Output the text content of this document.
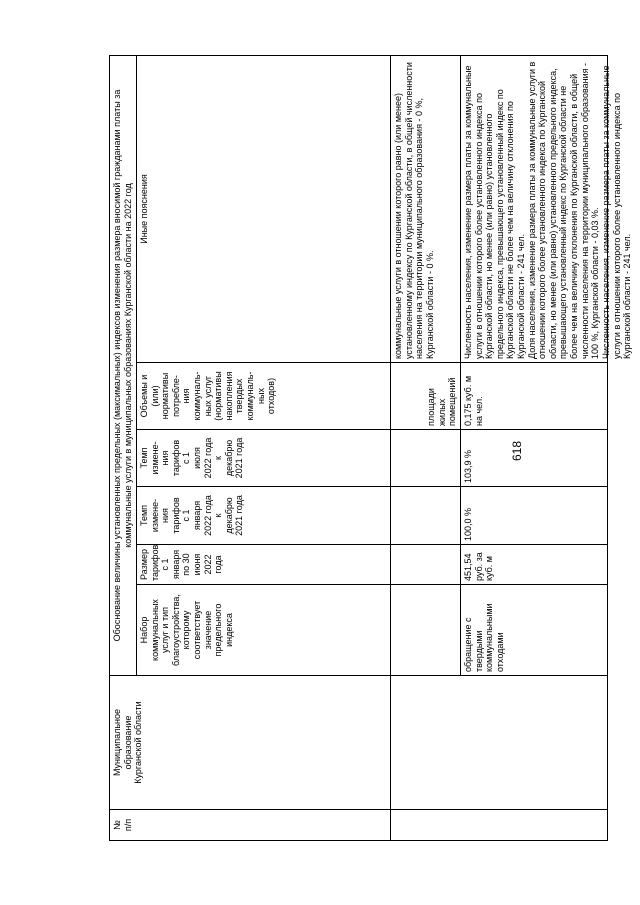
618
№
п/п
Муниципальное
образование
Курганской области
Обоснование величины установленных предельных (максимальных) индексов изменения размера вносимой гражданами платы за коммунальные услуги в муниципальных образованиях Курганской области на 2022 год
Набор
коммунальных
услуг и тип
благоустройства,
которому
соответствует
значение
предельного
индекса
Размер
тарифов
с 1
января
по 30
июня
2022
года
Темп
измене-
ния
тарифов
с 1
января
2022 года
к
декабрю
2021 года
Темп
измене-
ния
тарифов
с 1
июля
2022 года
к
декабрю
2021 года
Объемы и
(или)
нормативы
потребле-
ния
коммуналь-
ных услуг
(нормативы
накопления
твердых
коммуналь-
ных
отходов)
Иные пояснения
площади
жилых
помещений
коммунальные услуги в отношении которого равно (или менее) установленному индексу по Курганской области, в общей численности населения на территории муниципального образования - 0 %, Курганской области - 0 %.
обращение с
твердыми
коммунальными
отходами
451,54
руб. за
куб. м
100,0 %
103,9 %
0,175 куб. м
на чел.
Численность населения, изменение размера платы за коммунальные услуги в отношении которого более установленного индекса по Курганской области, но менее (или равно) установленного предельного индекса, превышающего установленный индекс по Курганской области не более чем на величину отклонения по Курганской области - 241 чел.
Доля населения, изменение размера платы за коммунальные услуги в отношении которого более установленного индекса по Курганской области, но менее (или равно) установленного предельного индекса, превышающего установленный индекс по Курганской области не более чем на величину отклонения по Курганской области, в общей численности населения на территории муниципального образования - 100 %, Курганской области - 0,03 %.
Численность населения, изменение размера платы за коммунальные услуги в отношении которого более установленного индекса по Курганской области - 241 чел.
